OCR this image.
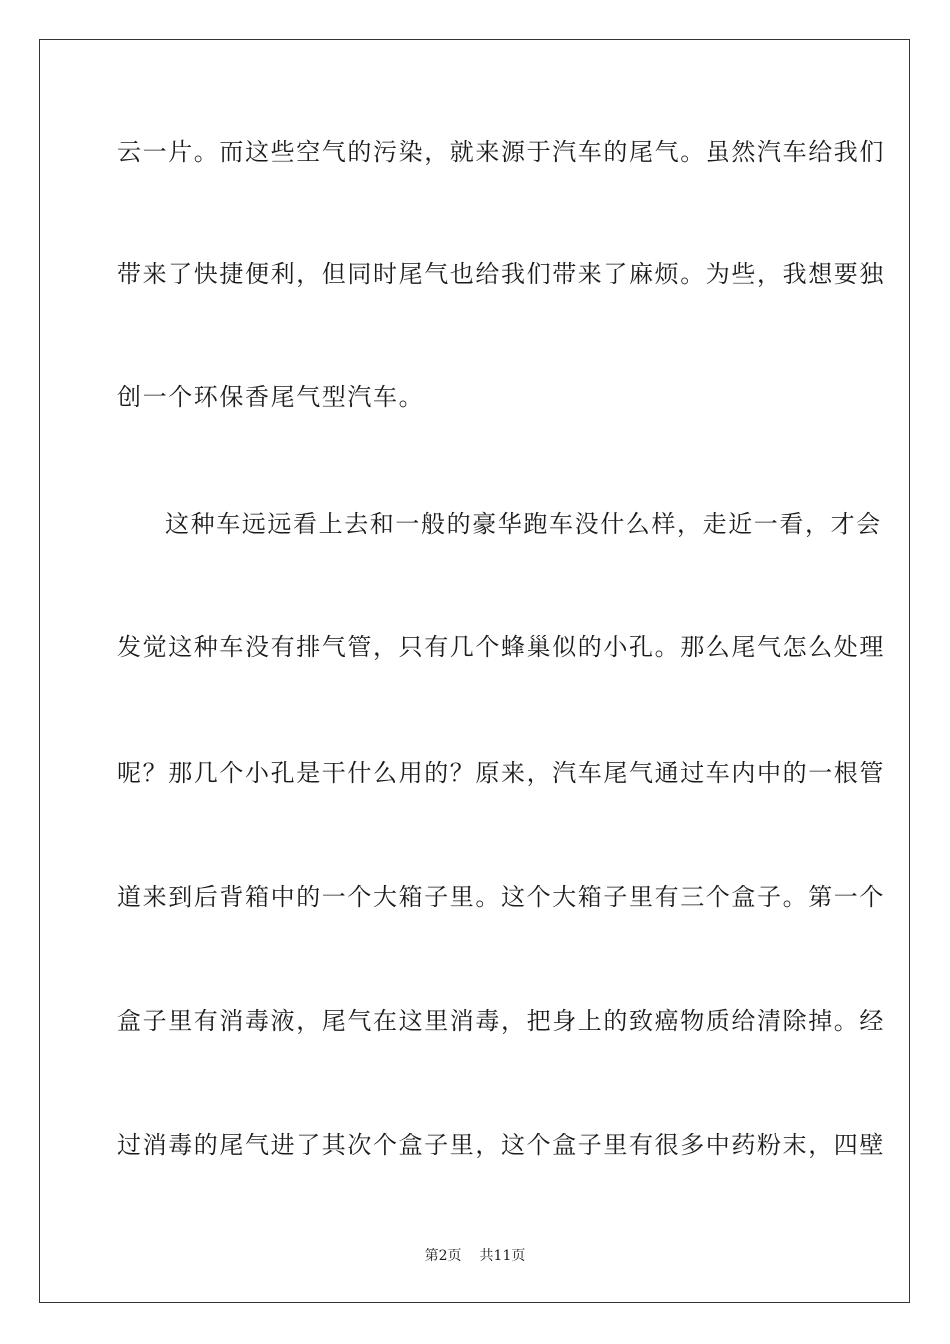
云一片。而这些空气的污染，就来源于汽车的尾气。虽然汽车给我们
带来了快捷便利，但同时尾气也给我们带来了麻烦。为些，我想要独
创一个环保香尾气型汽车。
这种车远远看上去和一般的豪华跑车没什么样，走近一看，才会
发觉这种车没有排气管，只有几个蜂巢似的小孔。那么尾气怎么处理
呢？那几个小孔是干什么用的？原来，汽车尾气通过车内中的一根管
道来到后背箱中的一个大箱子里。这个大箱子里有三个盒子。第一个
盒子里有消毒液，尾气在这里消毒，把身上的致癌物质给清除掉。经
过消毒的尾气进了其次个盒子里，这个盒子里有很多中药粉末，四壁
第2页 共11页
